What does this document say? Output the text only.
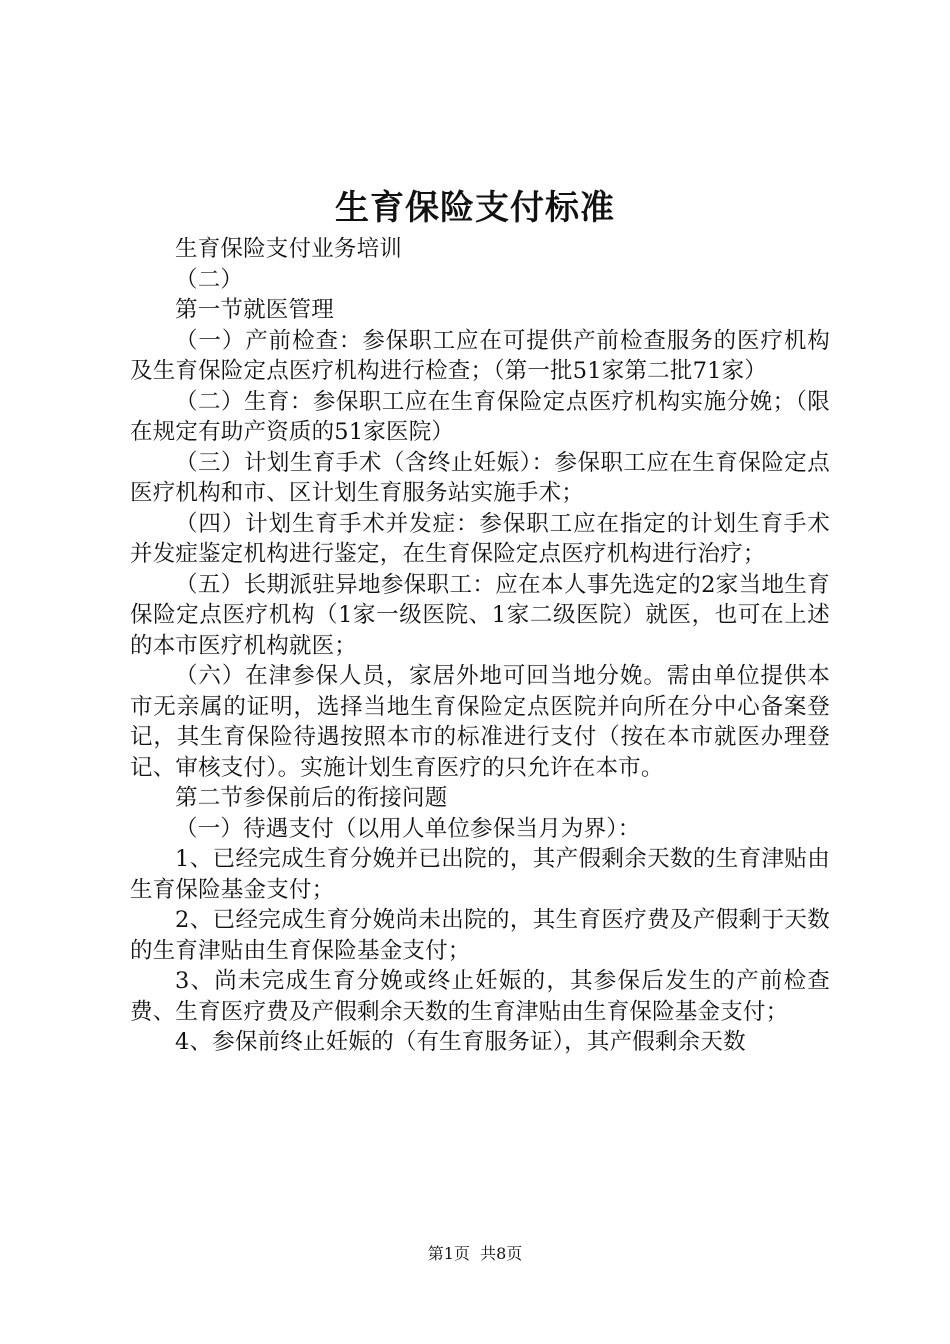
生育保险支付标准

生育保险支付业务培训

（二）

第一节就医管理

（一）产前检查：参保职工应在可提供产前检查服务的医疗机构及生育保险定点医疗机构进行检查；（第一批51家第二批71家）

（二）生育：参保职工应在生育保险定点医疗机构实施分娩；（限在规定有助产资质的51家医院）

（三）计划生育手术（含终止妊娠）：参保职工应在生育保险定点医疗机构和市、区计划生育服务站实施手术；

（四）计划生育手术并发症：参保职工应在指定的计划生育手术并发症鉴定机构进行鉴定，在生育保险定点医疗机构进行治疗；

（五）长期派驻异地参保职工：应在本人事先选定的2家当地生育保险定点医疗机构（1家一级医院、1家二级医院）就医，也可在上述的本市医疗机构就医；

（六）在津参保人员，家居外地可回当地分娩。需由单位提供本市无亲属的证明，选择当地生育保险定点医院并向所在分中心备案登记，其生育保险待遇按照本市的标准进行支付（按在本市就医办理登记、审核支付）。实施计划生育医疗的只允许在本市。

第二节参保前后的衔接问题

（一）待遇支付（以用人单位参保当月为界）：

1、已经完成生育分娩并已出院的，其产假剩余天数的生育津贴由生育保险基金支付；

2、已经完成生育分娩尚未出院的，其生育医疗费及产假剩于天数的生育津贴由生育保险基金支付；

3、尚未完成生育分娩或终止妊娠的，其参保后发生的产前检查费、生育医疗费及产假剩余天数的生育津贴由生育保险基金支付；

4、参保前终止妊娠的（有生育服务证），其产假剩余天数

第1页 共8页
